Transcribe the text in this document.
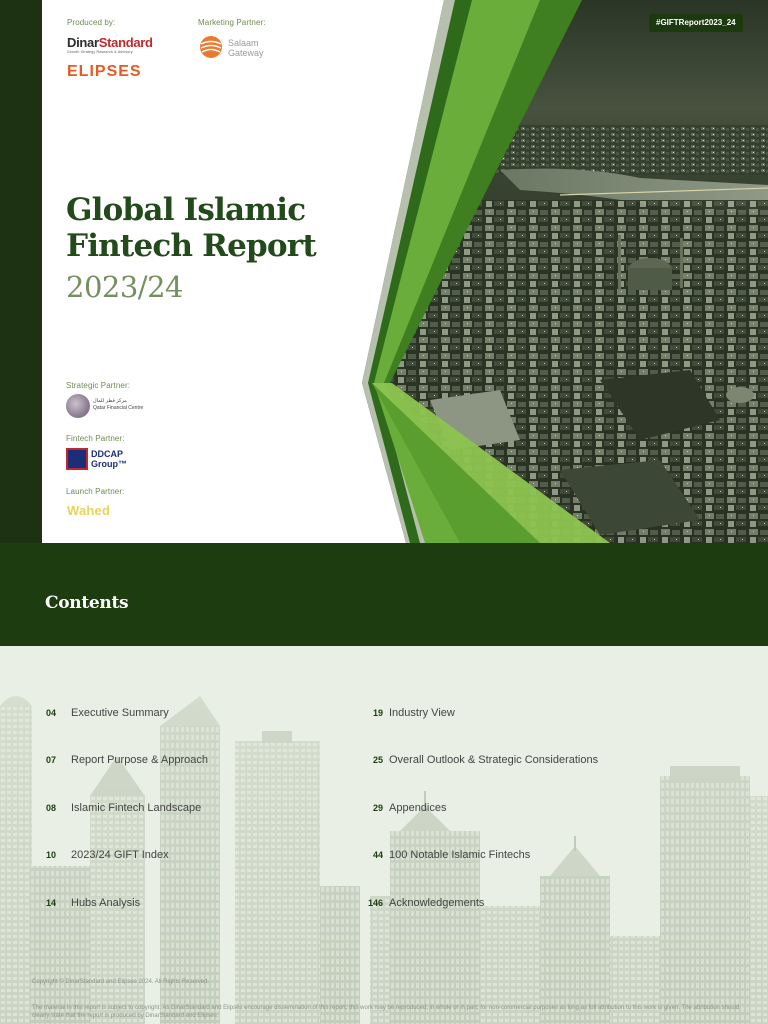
Produced by:	Marketing Partner:
DinarStandard
Growth Strategy Research & Advisory
ELIPSES
Salaam
Gateway
Global Islamic
Fintech Report
2023/24
Strategic Partner:
مركز قطر للمال
Qatar Financial Centre
Fintech Partner:
DDCAP
Group™
Launch Partner:
Wahed
#GIFTReport2023_24
Contents
04	Executive Summary
07	Report Purpose & Approach
08	Islamic Fintech Landscape
10	2023/24 GIFT Index
14	Hubs Analysis
19 Industry View
25 Overall Outlook & Strategic Considerations
29 Appendices
44 100 Notable Islamic Fintechs
146 Acknowledgements
Copyright © DinarStandard and Elipses 2024. All Rights Reserved.
The material in this report is subject to copyright. As DinarStandard and Elipses encourage dissemination of this report, this work may be reproduced, in whole or in part, for non-commercial purposes as long as full attribution to this work is given. The attribution should clearly state that the report is produced by DinarStandard and Elipses.
